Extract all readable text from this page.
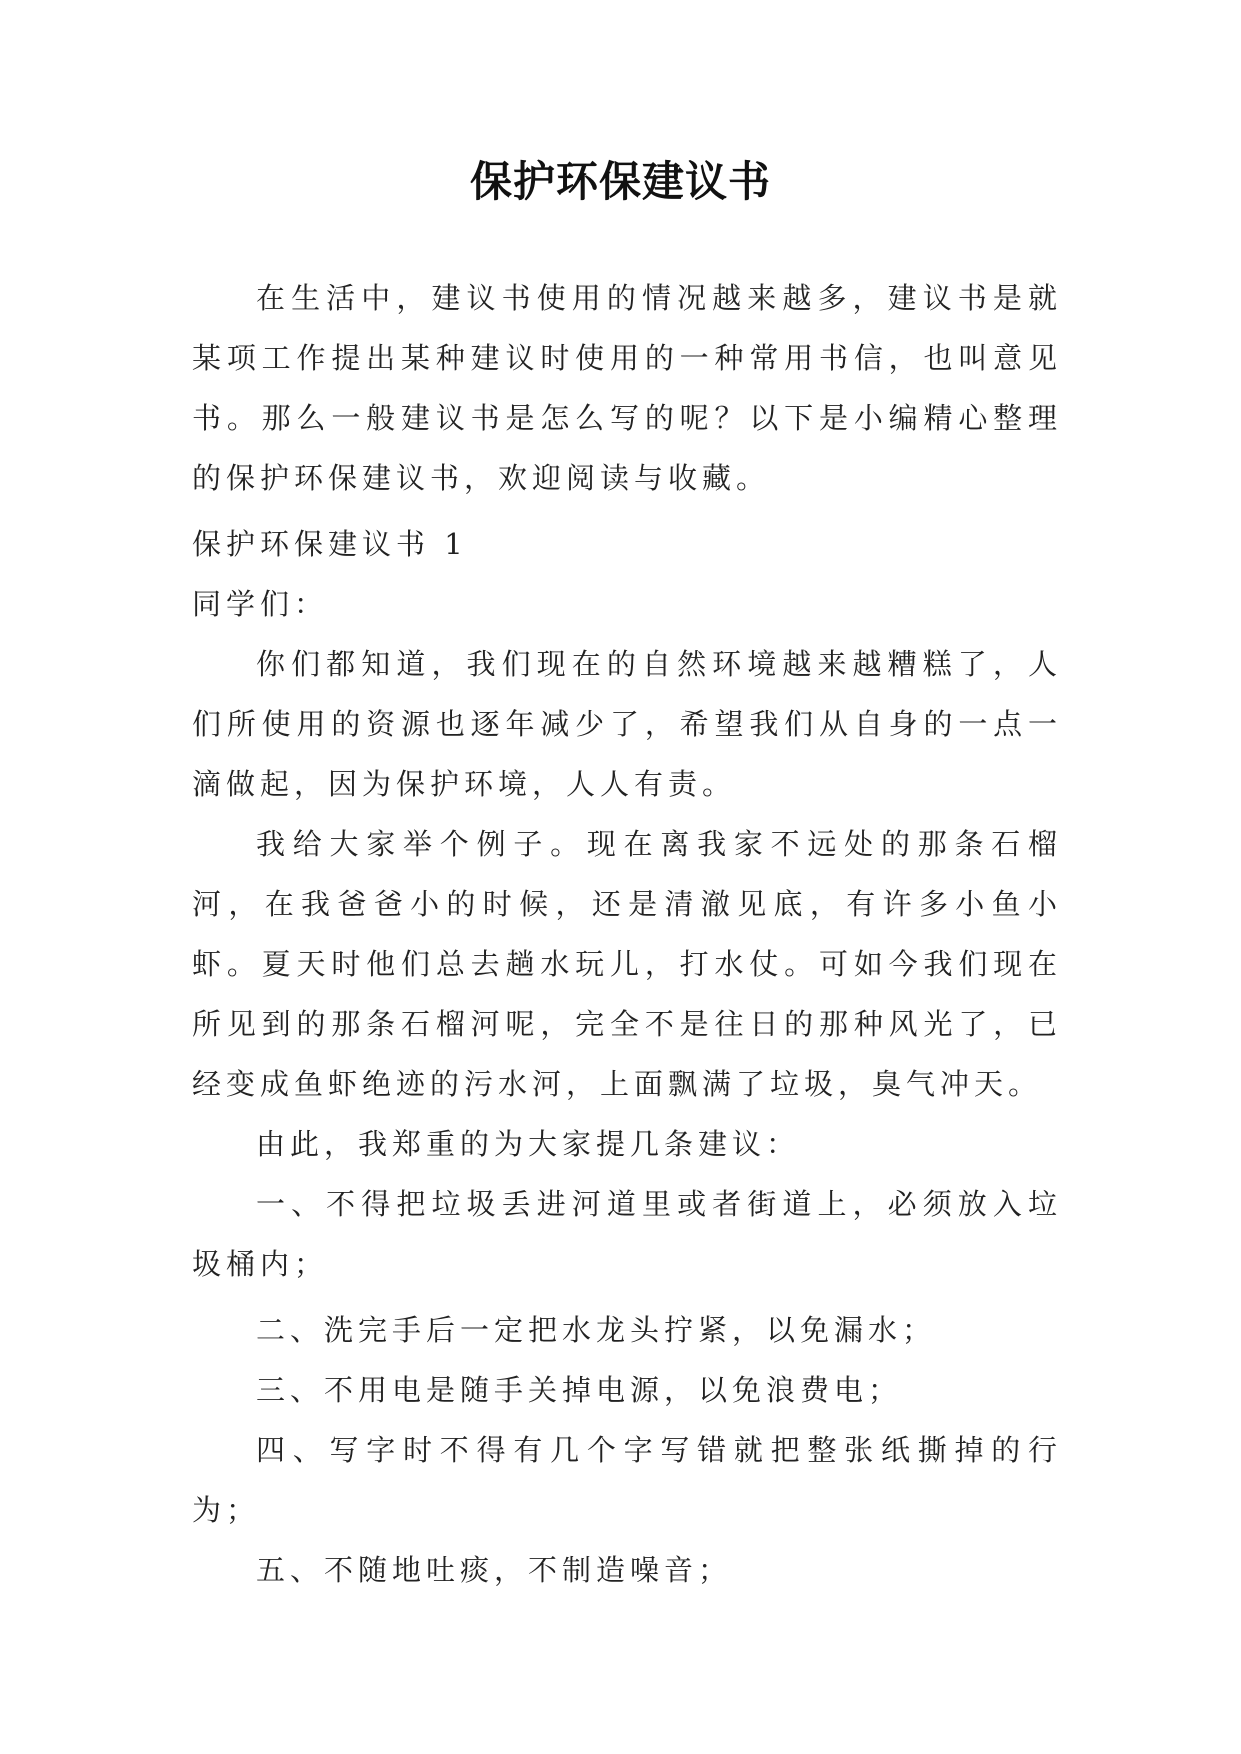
保护环保建议书

在生活中，建议书使用的情况越来越多，建议书是就某项工作提出某种建议时使用的一种常用书信，也叫意见书。那么一般建议书是怎么写的呢？以下是小编精心整理的保护环保建议书，欢迎阅读与收藏。

保护环保建议书 1

同学们：

你们都知道，我们现在的自然环境越来越糟糕了，人们所使用的资源也逐年减少了，希望我们从自身的一点一滴做起，因为保护环境，人人有责。

我给大家举个例子。现在离我家不远处的那条石榴河，在我爸爸小的时候，还是清澈见底，有许多小鱼小虾。夏天时他们总去趟水玩儿，打水仗。可如今我们现在所见到的那条石榴河呢，完全不是往日的那种风光了，已经变成鱼虾绝迹的污水河，上面飘满了垃圾，臭气冲天。

由此，我郑重的为大家提几条建议：

一、不得把垃圾丢进河道里或者街道上，必须放入垃圾桶内；

二、洗完手后一定把水龙头拧紧，以免漏水；

三、不用电是随手关掉电源，以免浪费电；

四、写字时不得有几个字写错就把整张纸撕掉的行为；

五、不随地吐痰，不制造噪音；
